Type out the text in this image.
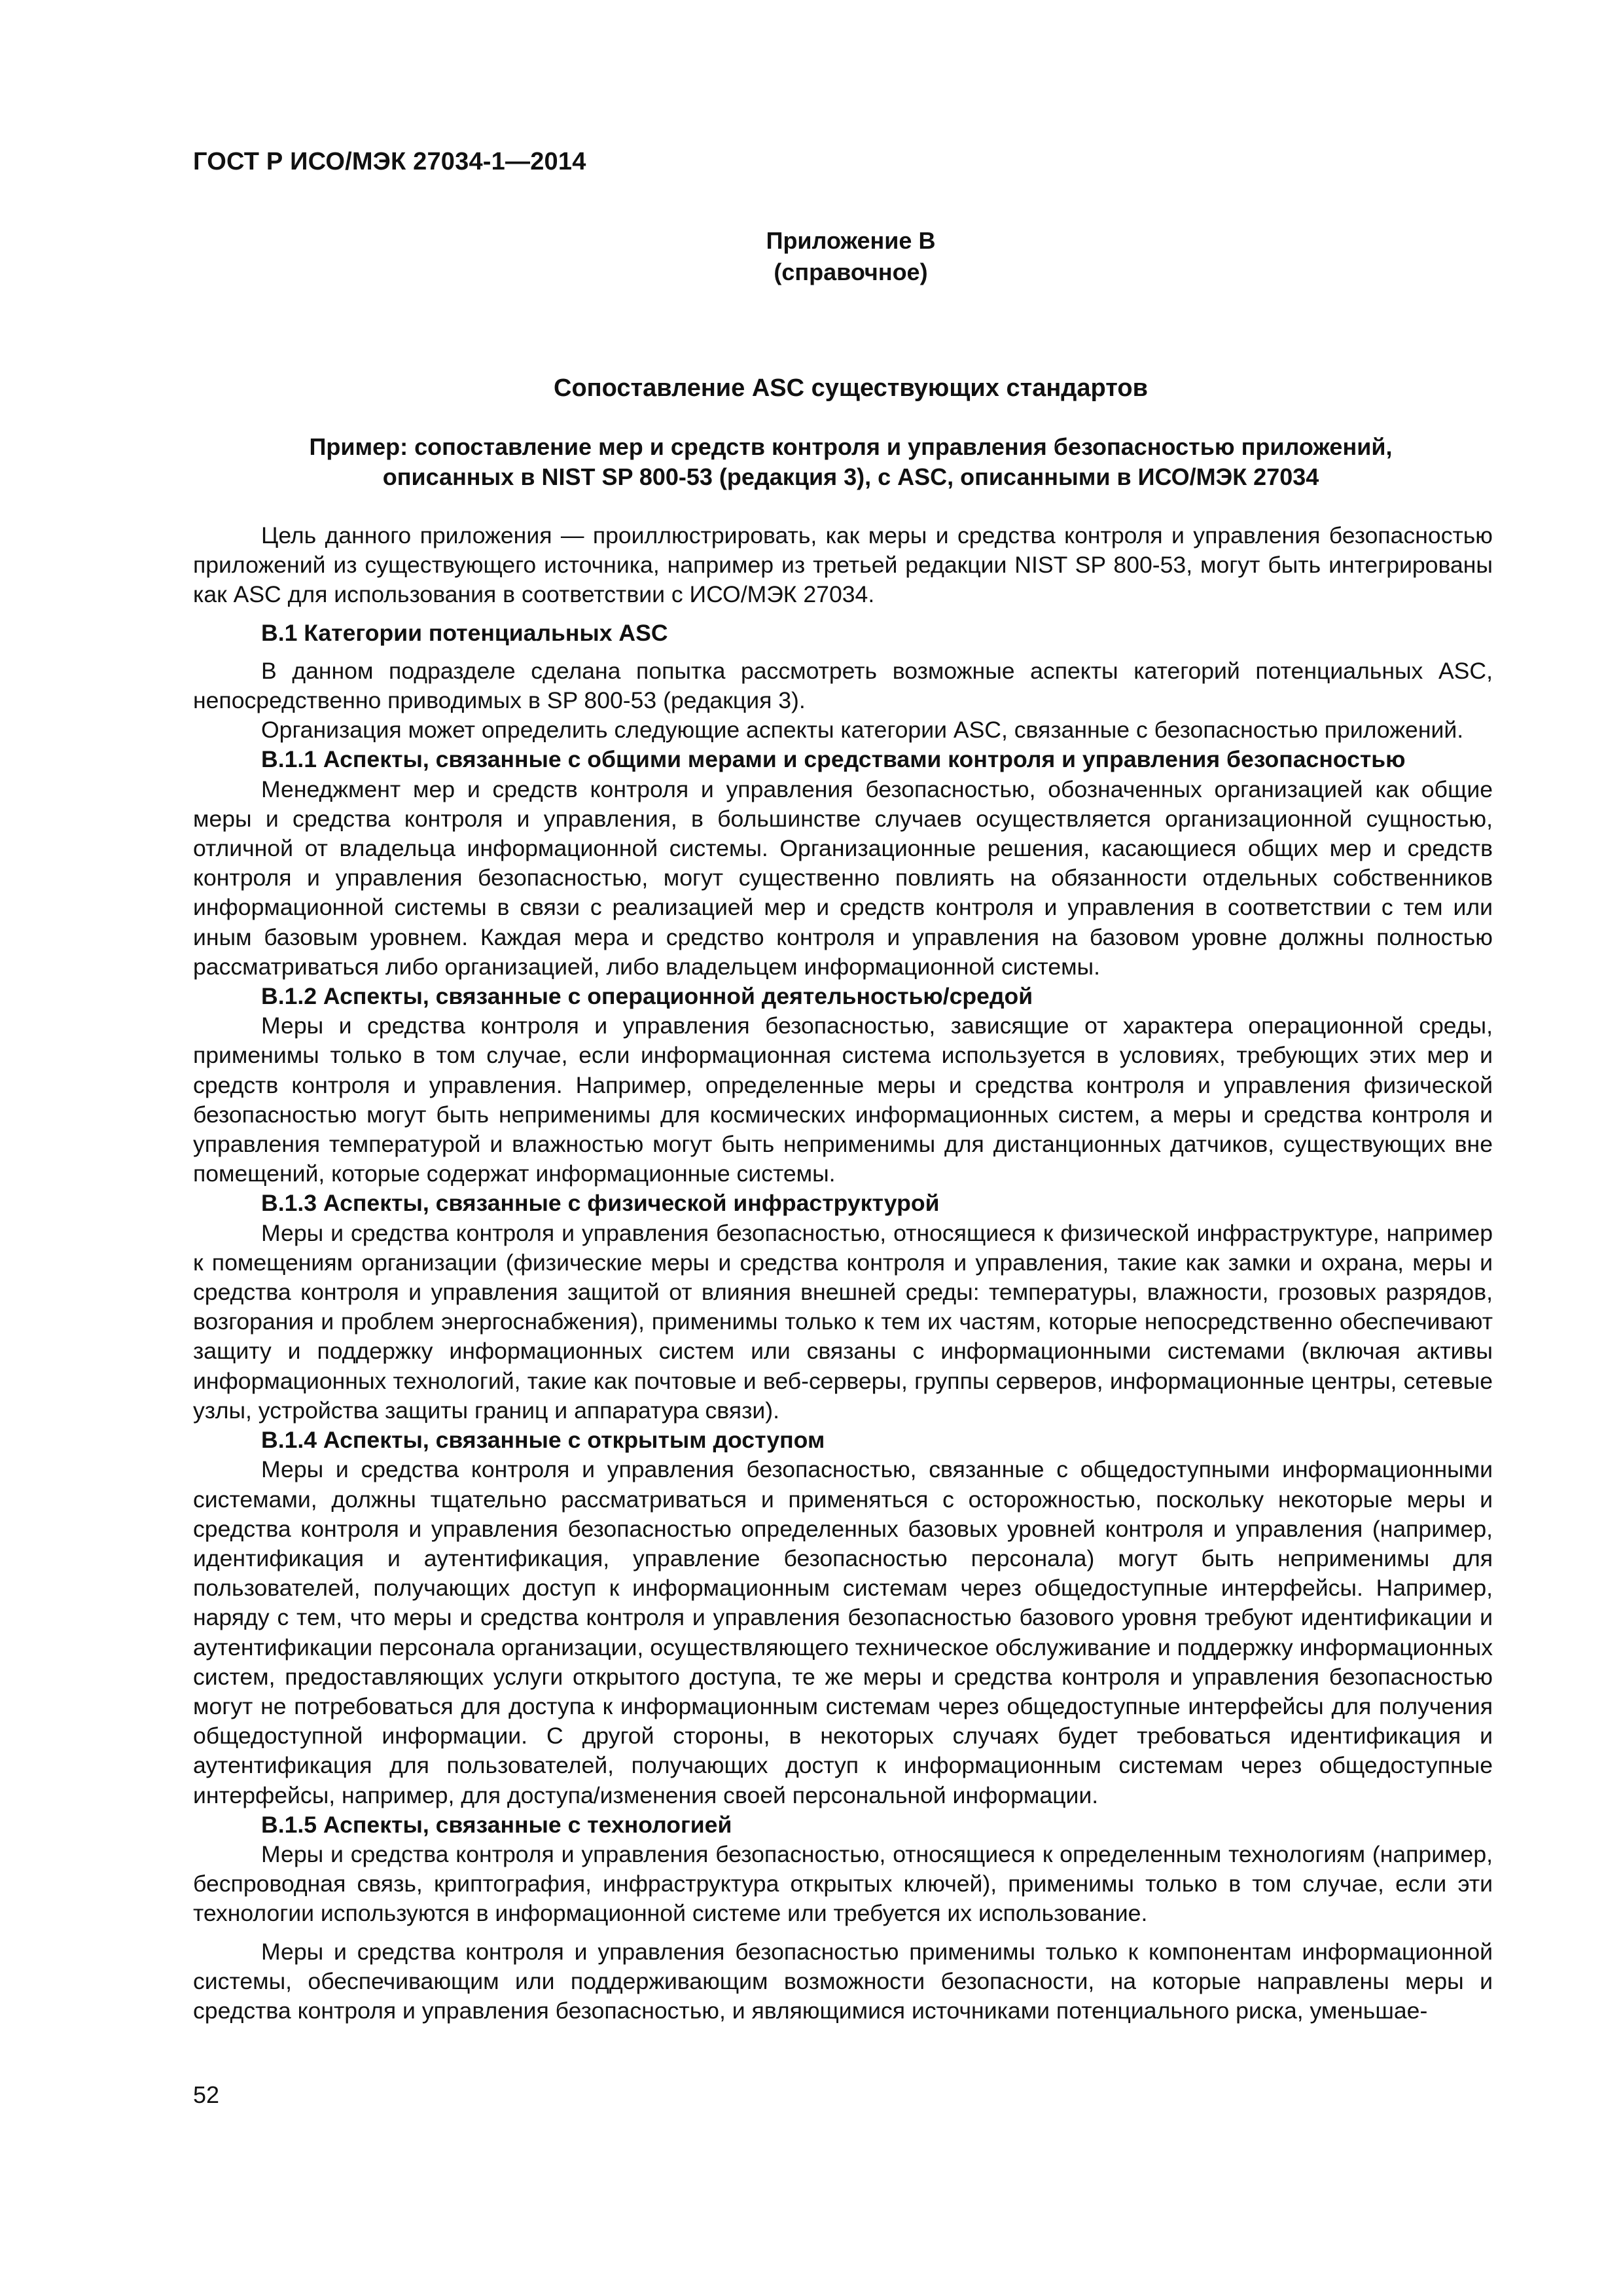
ГОСТ Р ИСО/МЭК 27034-1—2014
Приложение В
(справочное)
Сопоставление ASC существующих стандартов
Пример: сопоставление мер и средств контроля и управления безопасностью приложений,
описанных в NIST SP 800-53 (редакция 3), с ASC, описанными в ИСО/МЭК 27034

Цель данного приложения — проиллюстрировать, как меры и средства контроля и управления безопасностью приложений из существующего источника, например из третьей редакции NIST SP 800-53, могут быть интегрированы как ASC для использования в соответствии с ИСО/МЭК 27034.

В.1 Категории потенциальных ASC

В данном подразделе сделана попытка рассмотреть возможные аспекты категорий потенциальных ASC, непосредственно приводимых в SP 800-53 (редакция 3).

Организация может определить следующие аспекты категории ASC, связанные с безопасностью приложений.

В.1.1 Аспекты, связанные с общими мерами и средствами контроля и управления безопасностью

Менеджмент мер и средств контроля и управления безопасностью, обозначенных организацией как общие меры и средства контроля и управления, в большинстве случаев осуществляется организационной сущностью, отличной от владельца информационной системы. Организационные решения, касающиеся общих мер и средств контроля и управления безопасностью, могут существенно повлиять на обязанности отдельных собственников информационной системы в связи с реализацией мер и средств контроля и управления в соответствии с тем или иным базовым уровнем. Каждая мера и средство контроля и управления на базовом уровне должны полностью рассматриваться либо организацией, либо владельцем информационной системы.

В.1.2 Аспекты, связанные с операционной деятельностью/средой

Меры и средства контроля и управления безопасностью, зависящие от характера операционной среды, применимы только в том случае, если информационная система используется в условиях, требующих этих мер и средств контроля и управления. Например, определенные меры и средства контроля и управления физической безопасностью могут быть неприменимы для космических информационных систем, а меры и средства контроля и управления температурой и влажностью могут быть неприменимы для дистанционных датчиков, существующих вне помещений, которые содержат информационные системы.

В.1.3 Аспекты, связанные с физической инфраструктурой

Меры и средства контроля и управления безопасностью, относящиеся к физической инфраструктуре, например к помещениям организации (физические меры и средства контроля и управления, такие как замки и охрана, меры и средства контроля и управления защитой от влияния внешней среды: температуры, влажности, грозовых разрядов, возгорания и проблем энергоснабжения), применимы только к тем их частям, которые непосредственно обеспечивают защиту и поддержку информационных систем или связаны с информационными системами (включая активы информационных технологий, такие как почтовые и веб-серверы, группы серверов, информационные центры, сетевые узлы, устройства защиты границ и аппаратура связи).

В.1.4 Аспекты, связанные с открытым доступом

Меры и средства контроля и управления безопасностью, связанные с общедоступными информационными системами, должны тщательно рассматриваться и применяться с осторожностью, поскольку некоторые меры и средства контроля и управления безопасностью определенных базовых уровней контроля и управления (например, идентификация и аутентификация, управление безопасностью персонала) могут быть неприменимы для пользователей, получающих доступ к информационным системам через общедоступные интерфейсы. Например, наряду с тем, что меры и средства контроля и управления безопасностью базового уровня требуют идентификации и аутентификации персонала организации, осуществляющего техническое обслуживание и поддержку информационных систем, предоставляющих услуги открытого доступа, те же меры и средства контроля и управления безопасностью могут не потребоваться для доступа к информационным системам через общедоступные интерфейсы для получения общедоступной информации. С другой стороны, в некоторых случаях будет требоваться идентификация и аутентификация для пользователей, получающих доступ к информационным системам через общедоступные интерфейсы, например, для доступа/изменения своей персональной информации.

В.1.5 Аспекты, связанные с технологией

Меры и средства контроля и управления безопасностью, относящиеся к определенным технологиям (например, беспроводная связь, криптография, инфраструктура открытых ключей), применимы только в том случае, если эти технологии используются в информационной системе или требуется их использование.

Меры и средства контроля и управления безопасностью применимы только к компонентам информационной системы, обеспечивающим или поддерживающим возможности безопасности, на которые направлены меры и средства контроля и управления безопасностью, и являющимися источниками потенциального риска, уменьшае-

52
